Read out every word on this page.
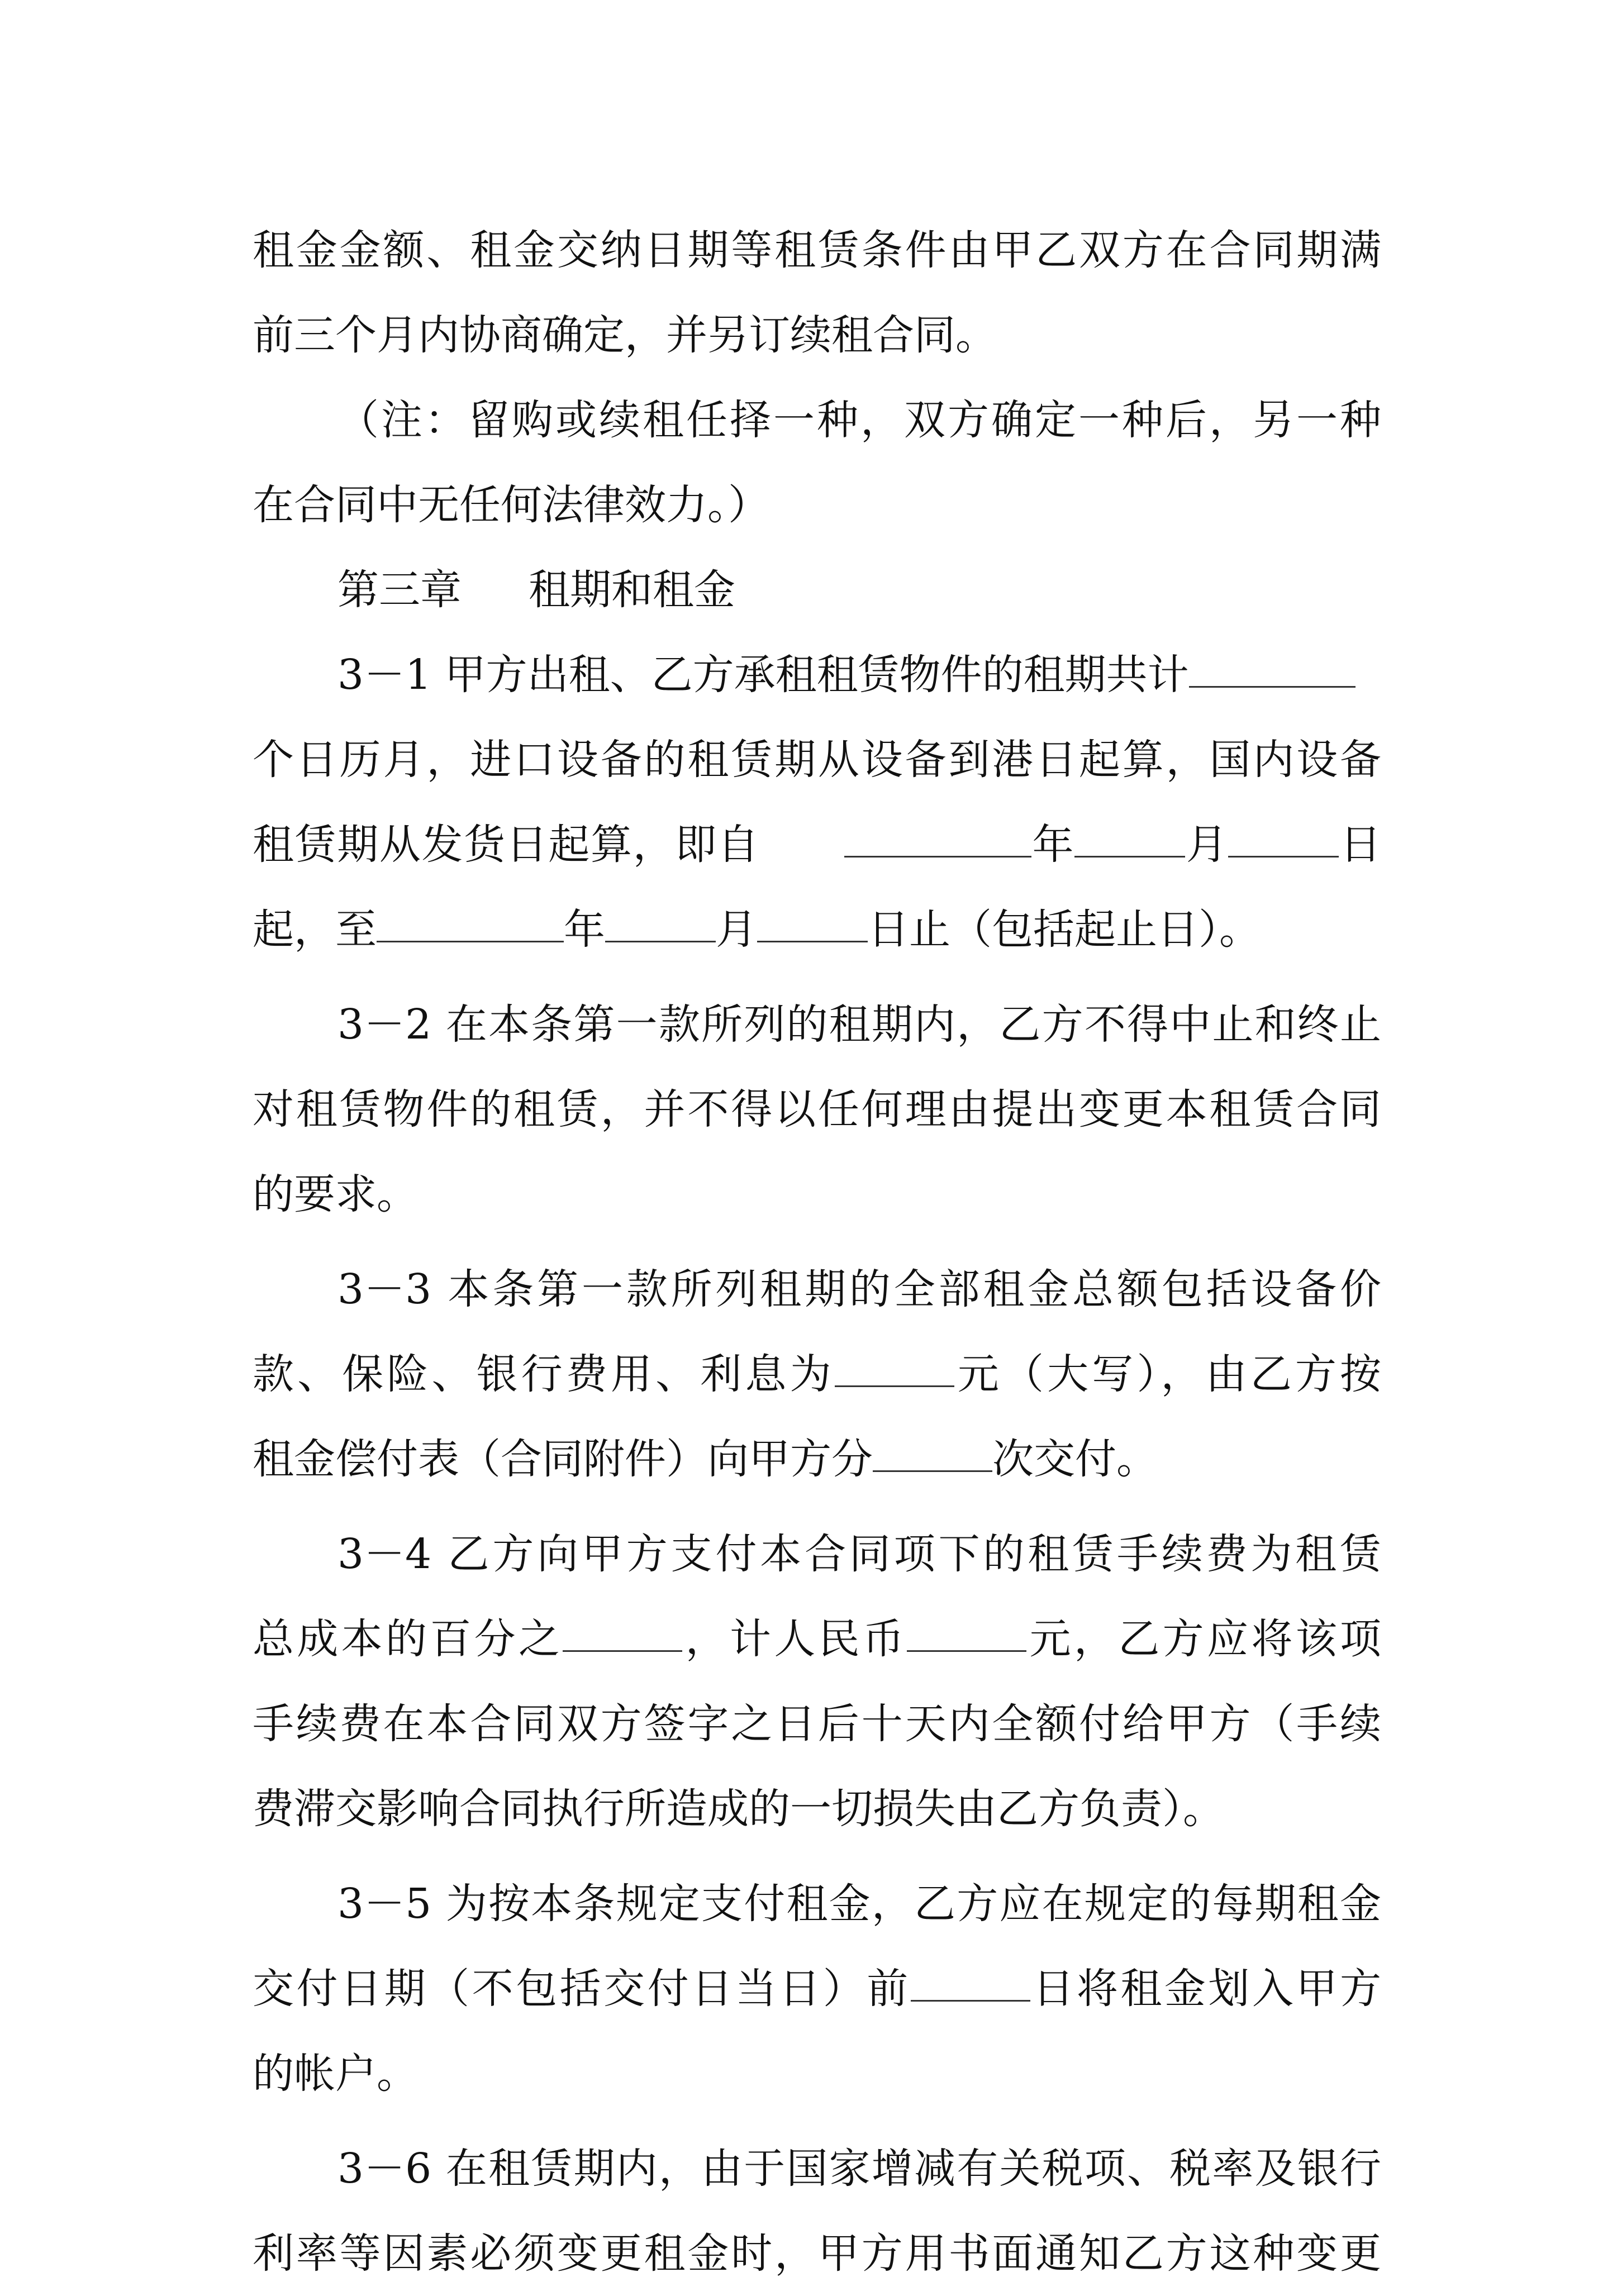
租金金额、租金交纳日期等租赁条件由甲乙双方在合同期满
前三个月内协商确定，并另订续租合同。
（注：留购或续租任择一种，双方确定一种后，另一种
在合同中无任何法律效力。）
第三章 租期和租金
3－1 甲方出租、乙方承租租赁物件的租期共计
个日历月，进口设备的租赁期从设备到港日起算，国内设备
租赁期从发货日起算，即自　　	年	月	日
起，至	年	月	日止（包括起止日）。
3－2 在本条第一款所列的租期内，乙方不得中止和终止
对租赁物件的租赁，并不得以任何理由提出变更本租赁合同
的要求。
3－3 本条第一款所列租期的全部租金总额包括设备价
款、保险、银行费用、利息为	元（大写），由乙方按
租金偿付表（合同附件）向甲方分	次交付。
3－4 乙方向甲方支付本合同项下的租赁手续费为租赁
总成本的百分之	，计人民币	元，乙方应将该项
手续费在本合同双方签字之日后十天内全额付给甲方（手续
费滞交影响合同执行所造成的一切损失由乙方负责）。
3－5 为按本条规定支付租金，乙方应在规定的每期租金
交付日期（不包括交付日当日）前	日将租金划入甲方
的帐户。
3－6 在租赁期内，由于国家增减有关税项、税率及银行
利率等因素必须变更租金时，甲方用书面通知乙方这种变更
